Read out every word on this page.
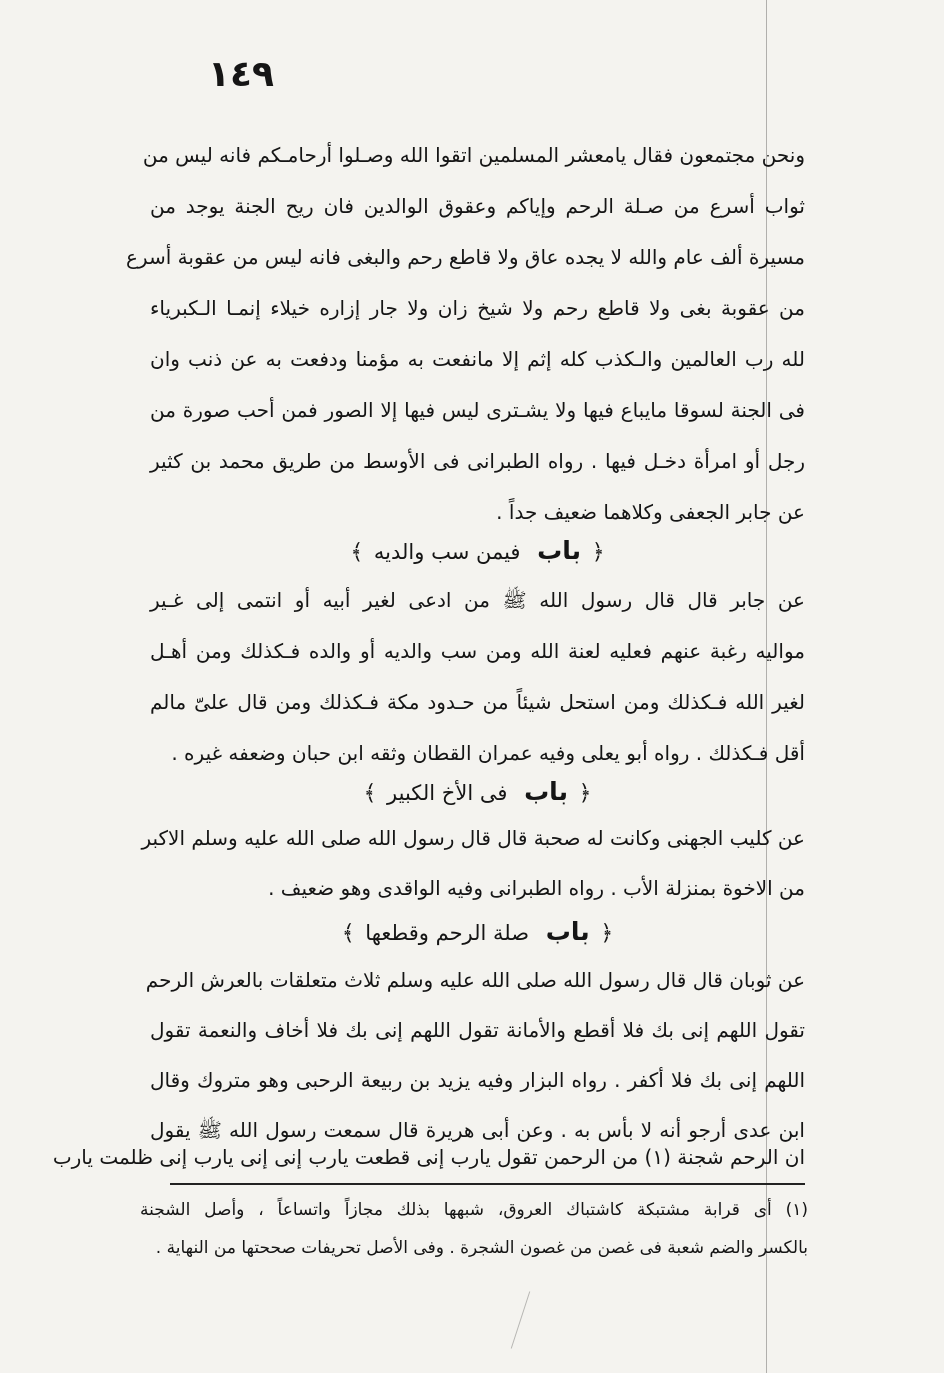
١٤٩
ونحن مجتمعون فقال يامعشر المسلمين اتقوا الله وصـلوا أرحامـكم فانه ليس من
ثواب أسرع من صـلة الرحم وإياكم وعقوق الوالدين فان ريح الجنة يوجد من
مسيرة ألف عام والله لا يجده عاق ولا قاطع رحم والبغى فانه ليس من عقوبة أسرع
من عقوبة بغى ولا قاطع رحم ولا شيخ زان ولا جار إزاره خيلاء إنمـا الـكبرياء
لله رب العالمين والـكذب كله إثم إلا مانفعت به مؤمنا ودفعت به عن ذنب وان
فى الجنة لسوقا مايباع فيها ولا يشـترى ليس فيها إلا الصور فمن أحب صورة من
رجل أو امرأة دخـل فيها . رواه الطبرانى فى الأوسط من طريق محمد بن كثير
عن جابر الجعفى وكلاهما ضعيف جداً .
﴿ باب فيمن سب والديه ﴾
عن جابر قال قال رسول الله ﷺ من ادعى لغير أبيه أو انتمى إلى غـير
مواليه رغبة عنهم فعليه لعنة الله ومن سب والديه أو والده فـكذلك ومن أهـل
لغير الله فـكذلك ومن استحل شيئاً من حـدود مكة فـكذلك ومن قال علىّ مالم
أقل فـكذلك . رواه أبو يعلى وفيه عمران القطان وثقه ابن حبان وضعفه غيره .
﴿ باب فى الأخ الكبير ﴾
عن كليب الجهنى وكانت له صحبة قال قال رسول الله صلى الله عليه وسلم الاكبر
من الاخوة بمنزلة الأب . رواه الطبرانى وفيه الواقدى وهو ضعيف .
﴿ باب صلة الرحم وقطعها ﴾
عن ثوبان قال قال رسول الله صلى الله عليه وسلم ثلاث متعلقات بالعرش الرحم
تقول اللهم إنى بك فلا أقطع والأمانة تقول اللهم إنى بك فلا أخاف والنعمة تقول
اللهم إنى بك فلا أكفر . رواه البزار وفيه يزيد بن ربيعة الرحبى وهو متروك وقال
ابن عدى أرجو أنه لا بأس به . وعن أبى هريرة قال سمعت رسول الله ﷺ يقول
ان الرحم شجنة (١) من الرحمن تقول يارب إنى قطعت يارب إنى إنى يارب إنى ظلمت يارب
(١) أى قرابة مشتبكة كاشتباك العروق، شبهها بذلك مجازاً واتساعاً ، وأصل الشجنة
بالكسر والضم شعبة فى غصن من غصون الشجرة . وفى الأصل تحريفات صححتها من النهاية .
